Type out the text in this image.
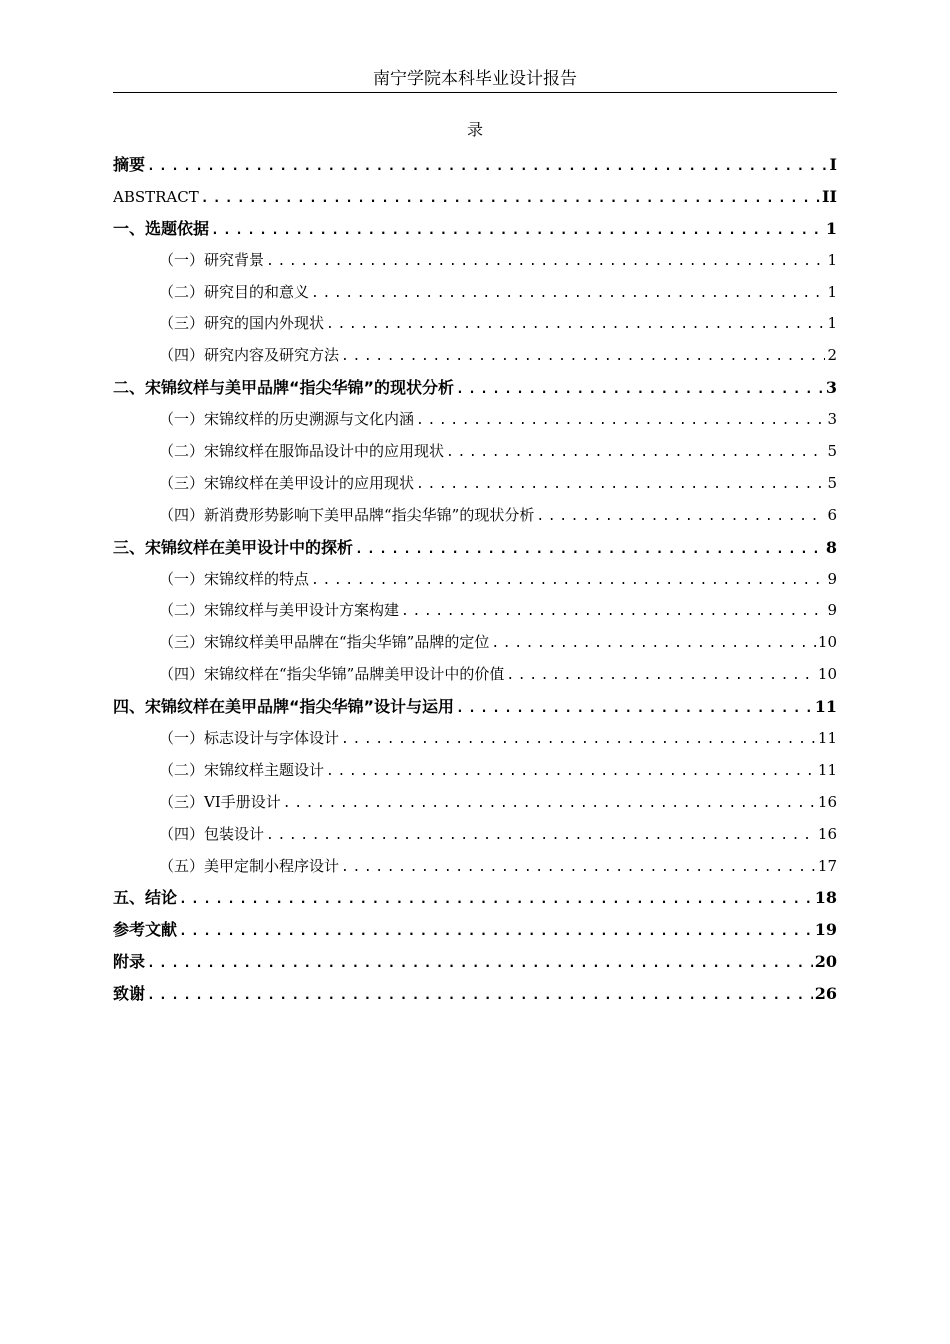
南宁学院本科毕业设计报告
录
摘要 .....	I
ABSTRACT .....	II
一、选题依据 .....	1
（一）研究背景 .....	1
（二）研究目的和意义 .....	1
（三）研究的国内外现状 .....	1
（四）研究内容及研究方法 .....	2
二、宋锦纹样与美甲品牌“指尖华锦”的现状分析 .....	3
（一）宋锦纹样的历史溯源与文化内涵 .....	3
（二）宋锦纹样在服饰品设计中的应用现状 .....	5
（三）宋锦纹样在美甲设计的应用现状 .....	5
（四）新消费形势影响下美甲品牌“指尖华锦”的现状分析 .....	6
三、宋锦纹样在美甲设计中的探析 .....	8
（一）宋锦纹样的特点 .....	9
（二）宋锦纹样与美甲设计方案构建 .....	9
（三）宋锦纹样美甲品牌在“指尖华锦”品牌的定位 .....	10
（四）宋锦纹样在“指尖华锦”品牌美甲设计中的价值 .....	10
四、宋锦纹样在美甲品牌“指尖华锦”设计与运用 .....	11
（一）标志设计与字体设计 .....	11
（二）宋锦纹样主题设计 .....	11
（三）VI手册设计 .....	16
（四）包装设计 .....	16
（五）美甲定制小程序设计 .....	17
五、结论 .....	18
参考文献 .....	19
附录 .....	20
致谢 .....	26
